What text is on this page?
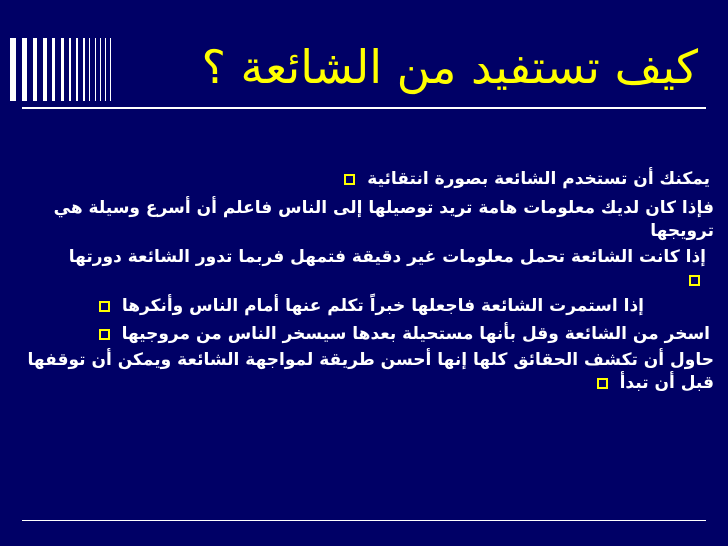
كيف تستفيد من الشائعة ؟

يمكنك أن تستخدم الشائعة بصورة انتقائية

فإذا كان لديك معلومات هامة تريد توصيلها إلى الناس فاعلم أن أسرع وسيلة هي ترويجها

إذا كانت الشائعة تحمل معلومات غير دقيقة فتمهل فربما تدور الشائعة دورتها

إذا استمرت الشائعة فاجعلها خبراً تكلم عنها أمام الناس وأنكرها

اسخر من الشائعة وقل بأنها مستحيلة بعدها سيسخر الناس من مروجيها

حاول أن تكشف الحقائق كلها إنها أحسن طريقة لمواجهة الشائعة ويمكن أن توقفها قبل أن تبدأ
